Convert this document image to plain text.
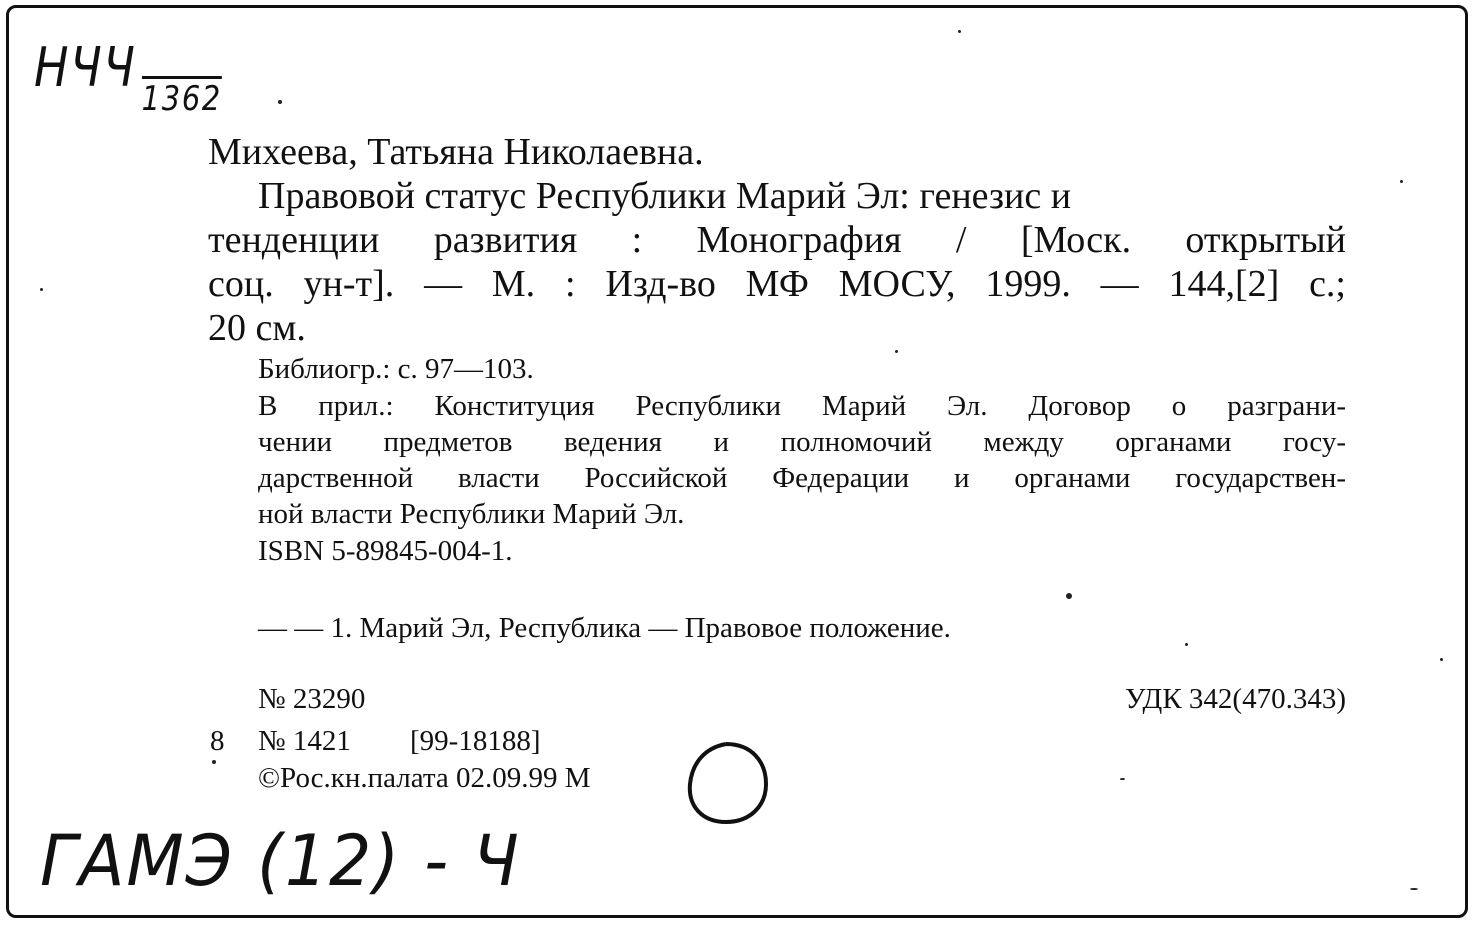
НЧЧ $_{1362}$
Михеева, Татьяна Николаевна.
Правовой статус Республики Марий Эл: генезис и
тенденции развития : Монография / [Моск. открытый
соц. ун-т]. — М. : Изд-во МФ МОСУ, 1999. — 144,[2] с.;
20 см.
Библиогр.: с. 97—103.
В прил.: Конституция Республики Марий Эл. Договор о разграни-
чении предметов ведения и полномочий между органами госу-
дарственной власти Российской Федерации и органами государствен-
ной власти Республики Марий Эл.
ISBN 5-89845-004-1.
— — 1. Марий Эл, Республика — Правовое положение.
№ 23290	УДК 342(470.343)
8 № 1421 [99-18188]
©Рос.кн.палата 02.09.99 М
ГАМЭ (12) - Ч
